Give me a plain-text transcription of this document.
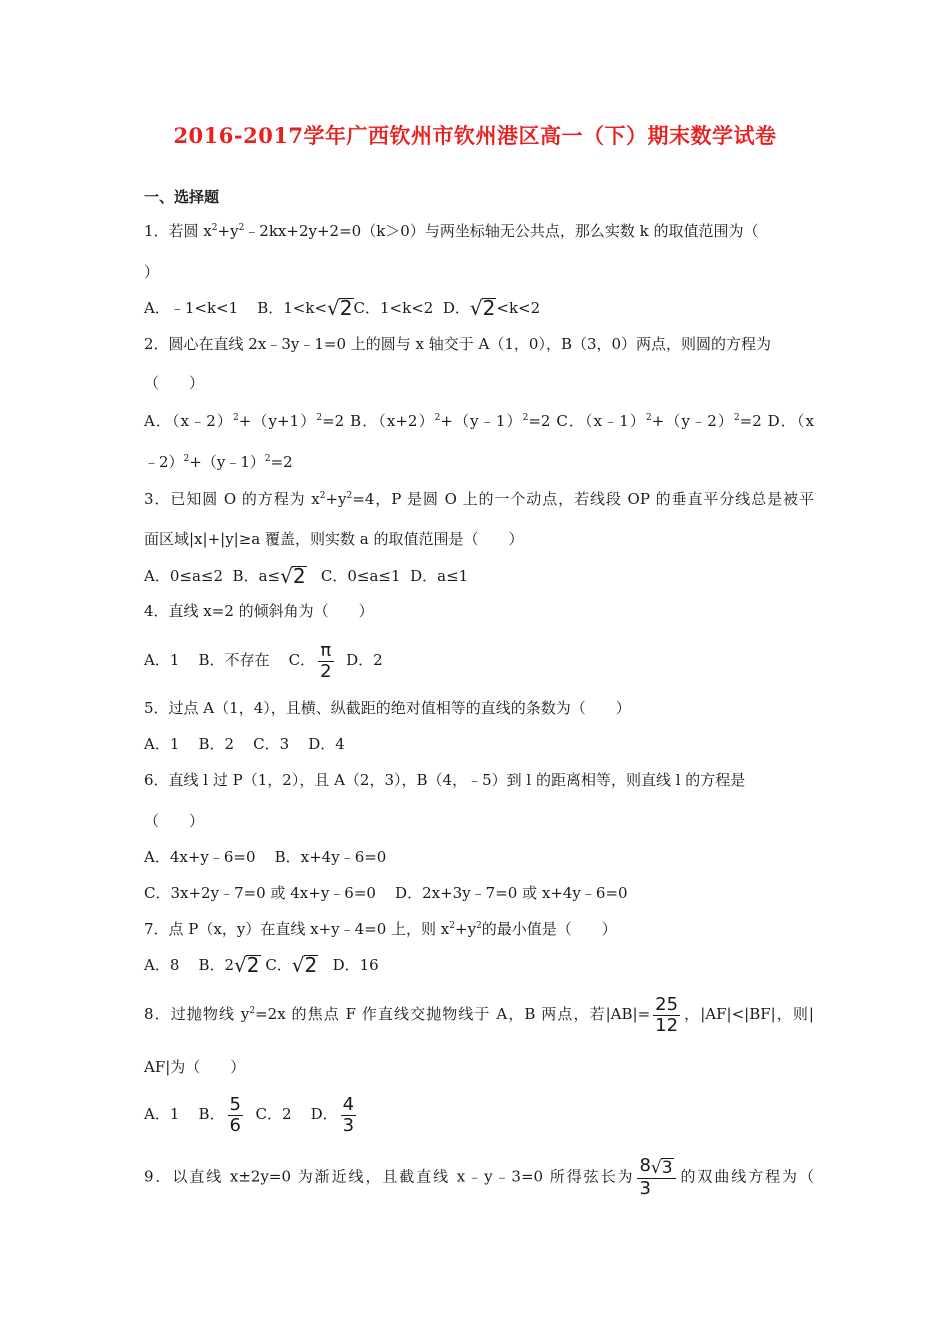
2016-2017学年广西钦州市钦州港区高一（下）期末数学试卷
一、选择题
1．若圆 $x^2+y^2﹣2kx+2y+2=0(k>0)$与两坐标轴无公共点，那么实数 k 的取值范围为（
）
A．﹣1<k<1 B．1<k<√2C．1<k<2 D．√2<k<2
2．圆心在直线 2x﹣3y﹣1=0 上的圆与 x 轴交于 A（1，0），B（3，0）两点，则圆的方程为
（　　）
A．$(x﹣2)^2+(y+1)^2=2$ B．$(x+2)^2+(y﹣1)^2=2$ C．（x﹣1）$^2$+（y﹣2）$^2$=2 D．（x
﹣2）$^2$+（y﹣1）$^2$=2
3．已知圆 O 的方程为 $x^2+y^2=4$，P 是圆 O 上的一个动点，若线段 OP 的垂直平分线总是被平
面区域|x|+|y|≥a 覆盖，则实数 a 的取值范围是（　　）
A．0≤a≤2 B．a≤√2 C．0≤a≤1 D．a≤1
4．直线 x=2 的倾斜角为（　　）
A．1 B．不存在 C． $\frac{\pi}{2}$ D．2
5．过点 A（1，4），且横、纵截距的绝对值相等的直线的条数为（　　）
A．1 B．2 C．3 D．4
6．直线 l 过 P（1，2），且 A（2，3），B（4，﹣5）到 l 的距离相等，则直线 l 的方程是
（　　）
A．4x+y﹣6=0 B．x+4y﹣6=0
C．3x+2y﹣7=0 或 4x+y﹣6=0 D．2x+3y﹣7=0 或 x+4y﹣6=0
7．点 P（x，y）在直线 x+y﹣4=0 上，则 $x^2+y^2$的最小值是（　　）
A．8 B．2√2 C．√2 D．16
8．过抛物线 $y^2=2x$ 的焦点 F 作直线交抛物线于 A，B 两点，若$|AB|= \frac{25}{12}$ ，|AF|<|BF|，则|
AF|为（　　）
A．1 B． $\frac{5}{6}$ C．2 D． $\frac{4}{3}$
9．以直线 x±2y=0 为渐近线，且截直线 x﹣y﹣3=0 所得弦长为 $\frac{8√3}{3}$ 的双曲线方程为（
